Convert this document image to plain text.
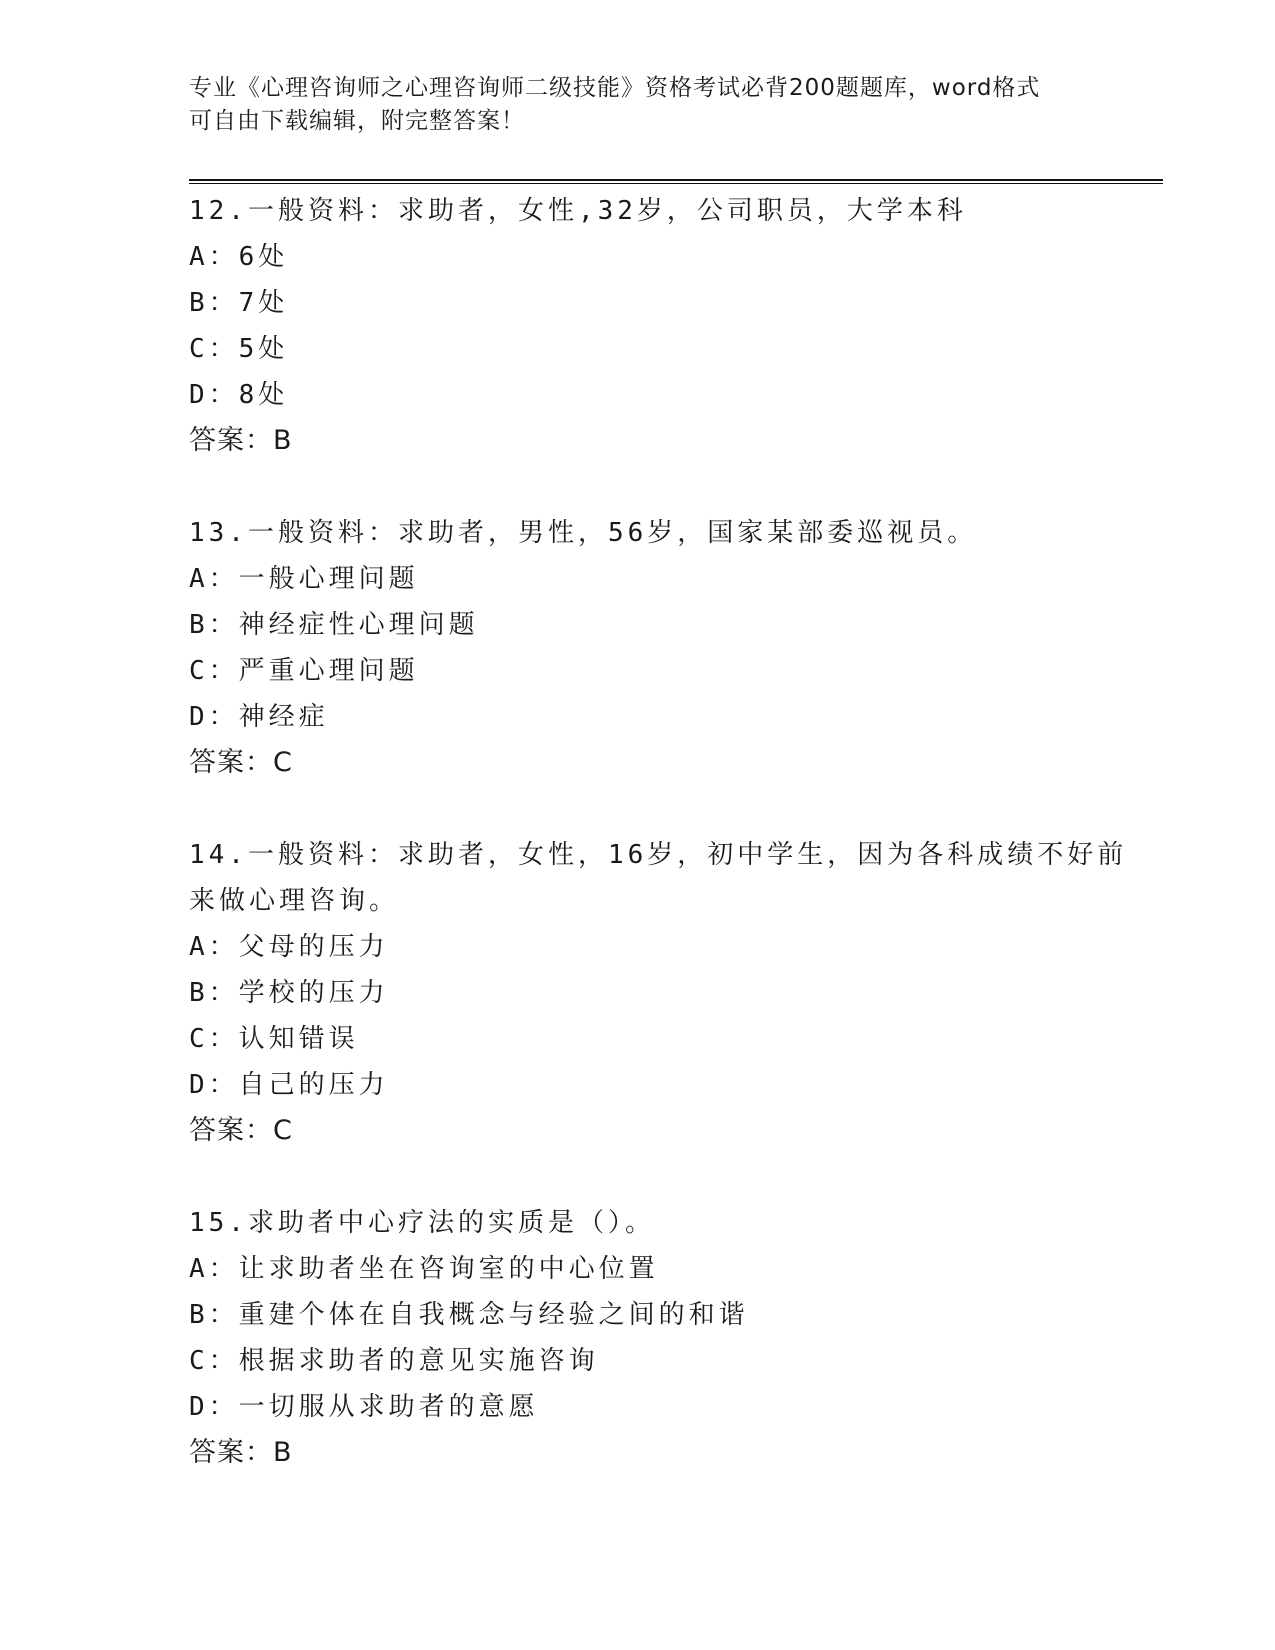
专业《心理咨询师之心理咨询师二级技能》资格考试必背200题题库，word格式
可自由下载编辑，附完整答案！
12.一般资料：求助者，女性,32岁，公司职员，大学本科
A：6处
B：7处
C：5处
D：8处
答案：B
13.一般资料：求助者，男性，56岁，国家某部委巡视员。
A：一般心理问题
B：神经症性心理问题
C：严重心理问题
D：神经症
答案：C
14.一般资料：求助者，女性，16岁，初中学生，因为各科成绩不好前
来做心理咨询。
A：父母的压力
B：学校的压力
C：认知错误
D：自己的压力
答案：C
15.求助者中心疗法的实质是（）。
A：让求助者坐在咨询室的中心位置
B：重建个体在自我概念与经验之间的和谐
C：根据求助者的意见实施咨询
D：一切服从求助者的意愿
答案：B
